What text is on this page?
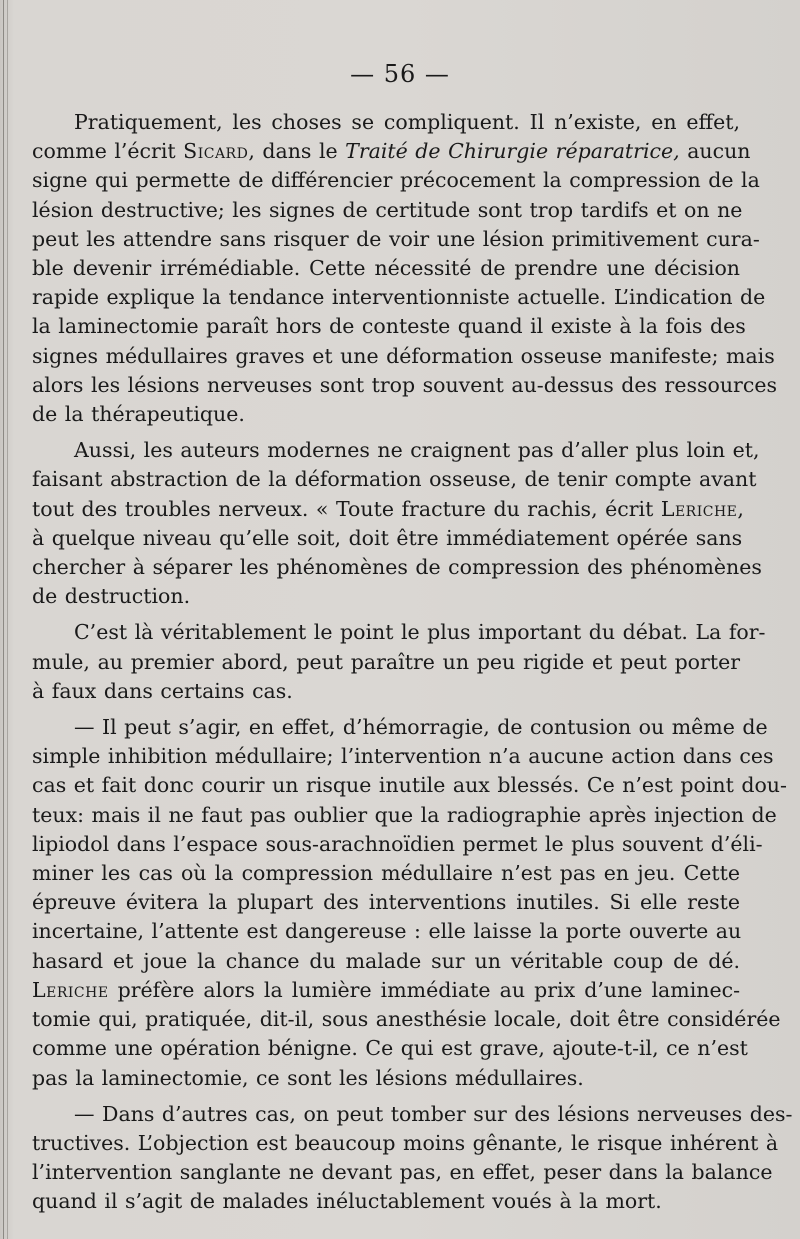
— 56 —

Pratiquement, les choses se compliquent. Il n’existe, en effet,
comme l’écrit Sicard, dans le Traité de Chirurgie réparatrice, aucun
signe qui permette de différencier précocement la compression de la
lésion destructive; les signes de certitude sont trop tardifs et on ne
peut les attendre sans risquer de voir une lésion primitivement cura-
ble devenir irrémédiable. Cette nécessité de prendre une décision
rapide explique la tendance interventionniste actuelle. L’indication de
la laminectomie paraît hors de conteste quand il existe à la fois des
signes médullaires graves et une déformation osseuse manifeste; mais
alors les lésions nerveuses sont trop souvent au-dessus des ressources
de la thérapeutique.

Aussi, les auteurs modernes ne craignent pas d’aller plus loin et,
faisant abstraction de la déformation osseuse, de tenir compte avant
tout des troubles nerveux. « Toute fracture du rachis, écrit Leriche,
à quelque niveau qu’elle soit, doit être immédiatement opérée sans
chercher à séparer les phénomènes de compression des phénomènes
de destruction.

C’est là véritablement le point le plus important du débat. La for-
mule, au premier abord, peut paraître un peu rigide et peut porter
à faux dans certains cas.

— Il peut s’agir, en effet, d’hémorragie, de contusion ou même de
simple inhibition médullaire; l’intervention n’a aucune action dans ces
cas et fait donc courir un risque inutile aux blessés. Ce n’est point dou-
teux: mais il ne faut pas oublier que la radiographie après injection de
lipiodol dans l’espace sous-arachnoïdien permet le plus souvent d’éli-
miner les cas où la compression médullaire n’est pas en jeu. Cette
épreuve évitera la plupart des interventions inutiles. Si elle reste
incertaine, l’attente est dangereuse : elle laisse la porte ouverte au
hasard et joue la chance du malade sur un véritable coup de dé.
Leriche préfère alors la lumière immédiate au prix d’une laminec-
tomie qui, pratiquée, dit-il, sous anesthésie locale, doit être considérée
comme une opération bénigne. Ce qui est grave, ajoute-t-il, ce n’est
pas la laminectomie, ce sont les lésions médullaires.

— Dans d’autres cas, on peut tomber sur des lésions nerveuses des-
tructives. L’objection est beaucoup moins gênante, le risque inhérent à
l’intervention sanglante ne devant pas, en effet, peser dans la balance
quand il s’agit de malades inéluctablement voués à la mort.
